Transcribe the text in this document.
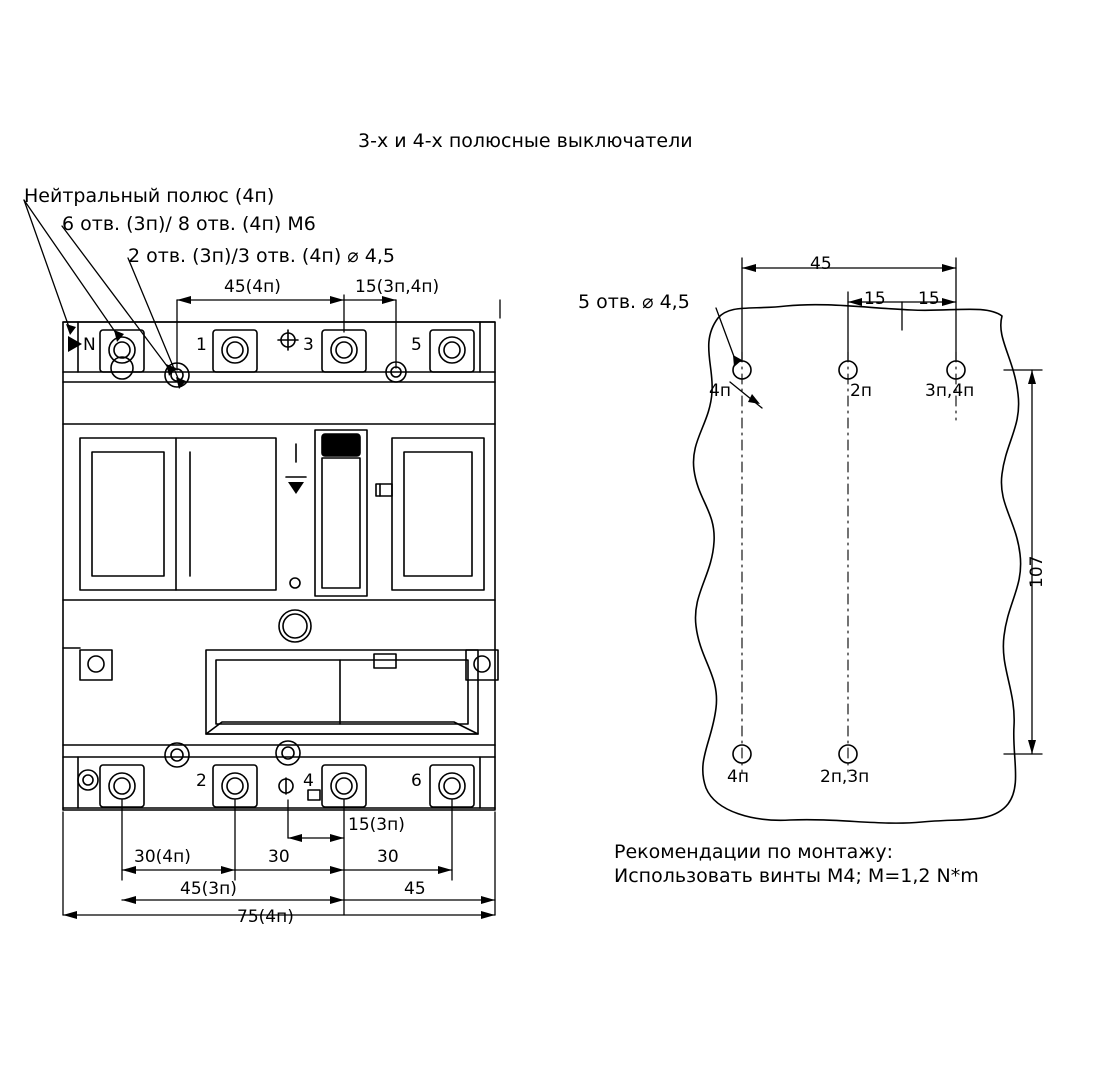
3-х и 4-х полюсные выключатели
Нейтральный полюс (4п)
6 отв. (3п)/ 8 отв. (4п) М6
2 отв. (3п)/3 отв. (4п) ⌀ 4,5
45(4п)	15(3п,4п)
N	1	3	5
2	4	6
15(3п)
30(4п)	30	30
45(3п)	45
75(4п)
5 отв. ⌀ 4,5
45
15 15
107
4п	2п	3п,4п
4п	2п,3п
Рекомендации по монтажу:
Использовать винты М4; М=1,2 N*m
